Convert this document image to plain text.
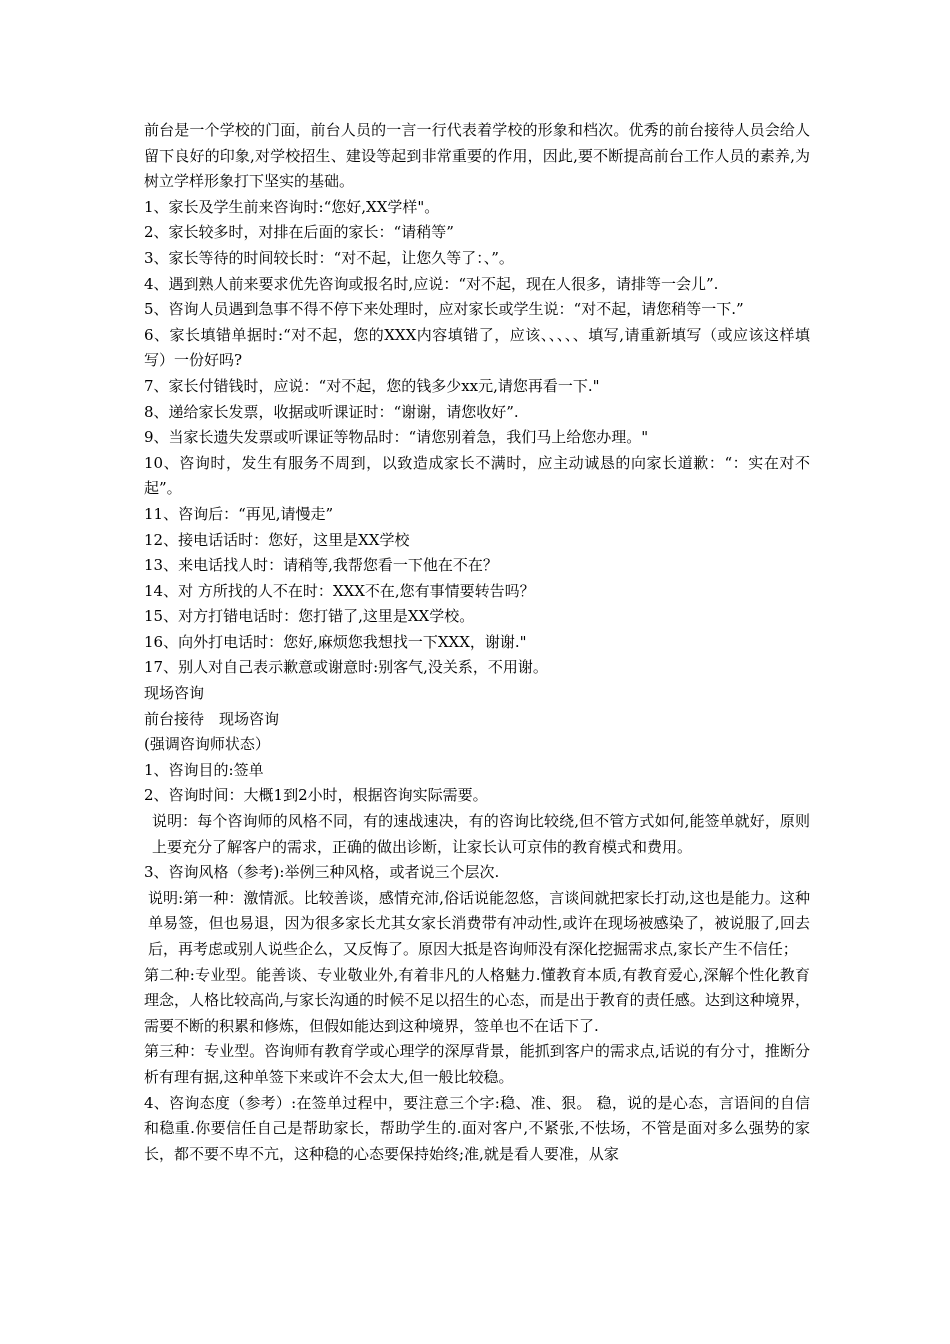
前台是一个学校的门面，前台人员的一言一行代表着学校的形象和档次。优秀的前台接待人员会给人留下良好的印象,对学校招生、建设等起到非常重要的作用，因此,要不断提高前台工作人员的素养,为树立学样形象打下坚实的基础。

1、家长及学生前来咨询时:“您好,XX学样"。

2、家长较多时，对排在后面的家长：“请稍等”

3、家长等待的时间较长时：“对不起，让您久等了：、”。

4、遇到熟人前来要求优先咨询或报名时,应说：“对不起，现在人很多，请排等一会儿”.

5、咨询人员遇到急事不得不停下来处理时，应对家长或学生说：“对不起，请您稍等一下.”

6、家长填错单据时:“对不起，您的XXX内容填错了，应该、、、、、填写,请重新填写（或应该这样填写）一份好吗?

7、家长付错钱时，应说：“对不起，您的钱多少xx元,请您再看一下."

8、递给家长发票，收据或听课证时：“谢谢，请您收好”.

9、当家长遗失发票或听课证等物品时：“请您别着急，我们马上给您办理。"

10、咨询时，发生有服务不周到，以致造成家长不满时，应主动诚恳的向家长道歉：“：实在对不起”。

11、咨询后：“再见,请慢走”

12、接电话话时：您好，这里是XX学校

13、来电话找人时：请稍等,我帮您看一下他在不在？

14、对 方所找的人不在时：XXX不在,您有事情要转告吗？

15、对方打错电话时：您打错了,这里是XX学校。

16、向外打电话时：您好,麻烦您我想找一下XXX，谢谢."

17、别人对自己表示歉意或谢意时:别客气,没关系，不用谢。

现场咨询

前台接待　现场咨询

(强调咨询师状态）

1、咨询目的:签单

2、咨询时间：大概1到2小时，根据咨询实际需要。

说明：每个咨询师的风格不同，有的速战速决，有的咨询比较绕,但不管方式如何,能签单就好，原则上要充分了解客户的需求，正确的做出诊断，让家长认可京伟的教育模式和费用。

3、咨询风格（参考):举例三种风格，或者说三个层次.

说明:第一种：激情派。比较善谈，感情充沛,俗话说能忽悠，言谈间就把家长打动,这也是能力。这种单易签，但也易退，因为很多家长尤其女家长消费带有冲动性,或许在现场被感染了，被说服了,回去后，再考虑或别人说些企么，又反悔了。原因大抵是咨询师没有深化挖掘需求点,家长产生不信任；

第二种:专业型。能善谈、专业敬业外,有着非凡的人格魅力.懂教育本质,有教育爱心,深解个性化教育理念，人格比较高尚,与家长沟通的时候不足以招生的心态，而是出于教育的责任感。达到这种境界，需要不断的积累和修炼，但假如能达到这种境界，签单也不在话下了.

第三种：专业型。咨询师有教育学或心理学的深厚背景，能抓到客户的需求点,话说的有分寸，推断分析有理有据,这种单签下来或许不会太大,但一般比较稳。

4、咨询态度（参考）:在签单过程中，要注意三个字:稳、准、狠。 稳，说的是心态，言语间的自信和稳重.你要信任自己是帮助家长，帮助学生的.面对客户,不紧张,不怯场，不管是面对多么强势的家长，都不要不卑不亢，这种稳的心态要保持始终;准,就是看人要准，从家
